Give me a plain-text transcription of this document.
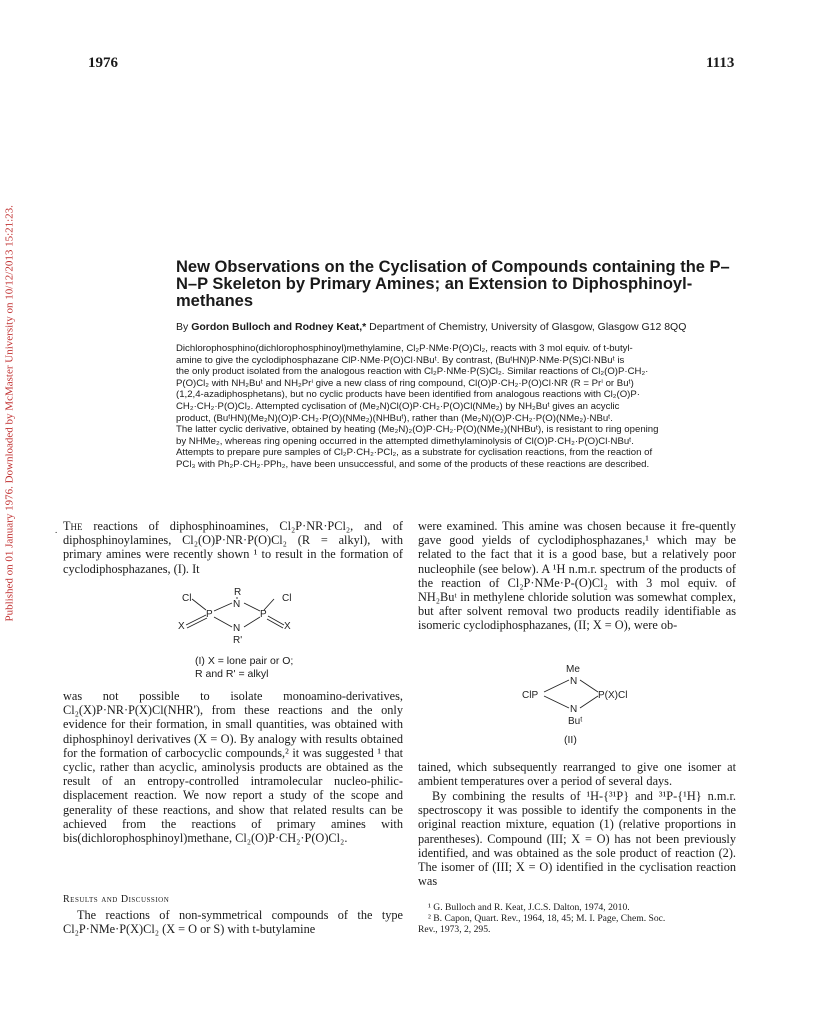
1976	1113
Published on 01 January 1976. Downloaded by McMaster University on 10/12/2013 15:21:23.	New Observations on the Cyclisation of Compounds containing the P–N–P Skeleton by Primary Amines; an Extension to Diphosphinoyl-methanes
By Gordon Bulloch and Rodney Keat,* Department of Chemistry, University of Glasgow, Glasgow G12 8QQ

Dichlorophosphino(dichlorophosphinoyl)methylamine, Cl₂P·NMe·P(O)Cl₂, reacts with 3 mol equiv. of t-butyl-

amine to give the cyclodiphosphazane ClP·NMe·P(O)Cl·NBuᵗ. By contrast, (BuᵗHN)P·NMe·P(S)Cl·NBuᵗ is

the only product isolated from the analogous reaction with Cl₂P·NMe·P(S)Cl₂. Similar reactions of Cl₂(O)P·CH₂·

P(O)Cl₂ with NH₂Buᵗ and NH₂Prⁱ give a new class of ring compound, Cl(O)P·CH₂·P(O)Cl·NR (R = Prⁱ or Buᵗ)

(1,2,4-azadiphosphetans), but no cyclic products have been identified from analogous reactions with Cl₂(O)P·

CH₂·CH₂·P(O)Cl₂. Attempted cyclisation of (Me₂N)Cl(O)P·CH₂·P(O)Cl(NMe₂) by NH₂Buᵗ gives an acyclic

product, (BuᵗHN)(Me₂N)(O)P·CH₂·P(O)(NMe₂)(NHBuᵗ), rather than (Me₂N)(O)P·CH₂·P(O)(NMe₂)·NBuᵗ.

The latter cyclic derivative, obtained by heating (Me₂N)₂(O)P·CH₂·P(O)(NMe₂)(NHBuᵗ), is resistant to ring opening

by NHMe₂, whereas ring opening occurred in the attempted dimethylaminolysis of Cl(O)P·CH₂·P(O)Cl·NBuᵗ.

Attempts to prepare pure samples of Cl₂P·CH₂·PCl₂, as a substrate for cyclisation reactions, from the reaction of

PCl₃ with Ph₂P·CH₂·PPh₂, have been unsuccessful, and some of the products of these reactions are described.

. The reactions of diphosphinoamines, Cl₂P·NR·PCl₂, and of diphosphinoylamines, Cl₂(O)P·NR·P(O)Cl₂ (R = alkyl), with primary amines were recently shown ¹ to result in the formation of cyclodiphosphazanes, (I). It

Cl
R
Cl
N
P	P
X	X
N
R'
(I) X = lone pair or O;
R and R' = alkyl

was not possible to isolate monoamino-derivatives, Cl₂(X)P·NR·P(X)Cl(NHR'), from these reactions and the only evidence for their formation, in small quantities, was obtained with diphosphinoyl derivatives (X = O). By analogy with results obtained for the formation of carbocyclic compounds,² it was suggested ¹ that cyclic, rather than acyclic, aminolysis products are obtained as the result of an entropy-controlled intramolecular nucleo-philic-displacement reaction. We now report a study of the scope and generality of these reactions, and show that related results can be achieved from the reactions of primary amines with bis(dichlorophosphinoyl)methane, Cl₂(O)P·CH₂·P(O)Cl₂.

Results and Discussion

The reactions of non-symmetrical compounds of the type Cl₂P·NMe·P(X)Cl₂ (X = O or S) with t-butylamine

were examined. This amine was chosen because it fre-quently gave good yields of cyclodiphosphazanes,¹ which may be related to the fact that it is a good base, but a relatively poor nucleophile (see below). A ¹H n.m.r. spectrum of the products of the reaction of Cl₂P·NMe·P-(O)Cl₂ with 3 mol equiv. of NH₂Buᵗ in methylene chloride solution was somewhat complex, but after solvent removal two products readily identifiable as isomeric cyclodiphosphazanes, (II; X = O), were ob-

Me
N
ClP	P(X)Cl
N
Buᵗ
(II)

tained, which subsequently rearranged to give one isomer at ambient temperatures over a period of several days.

By combining the results of ¹H-{³¹P} and ³¹P-{¹H} n.m.r. spectroscopy it was possible to identify the components in the original reaction mixture, equation (1) (relative proportions in parentheses). Compound (III; X = O) has not been previously identified, and was obtained as the sole product of reaction (2). The isomer of (III; X = O) identified in the cyclisation reaction was

¹ G. Bulloch and R. Keat, J.C.S. Dalton, 1974, 2010.

² B. Capon, Quart. Rev., 1964, 18, 45; M. I. Page, Chem. Soc.

Rev., 1973, 2, 295.
